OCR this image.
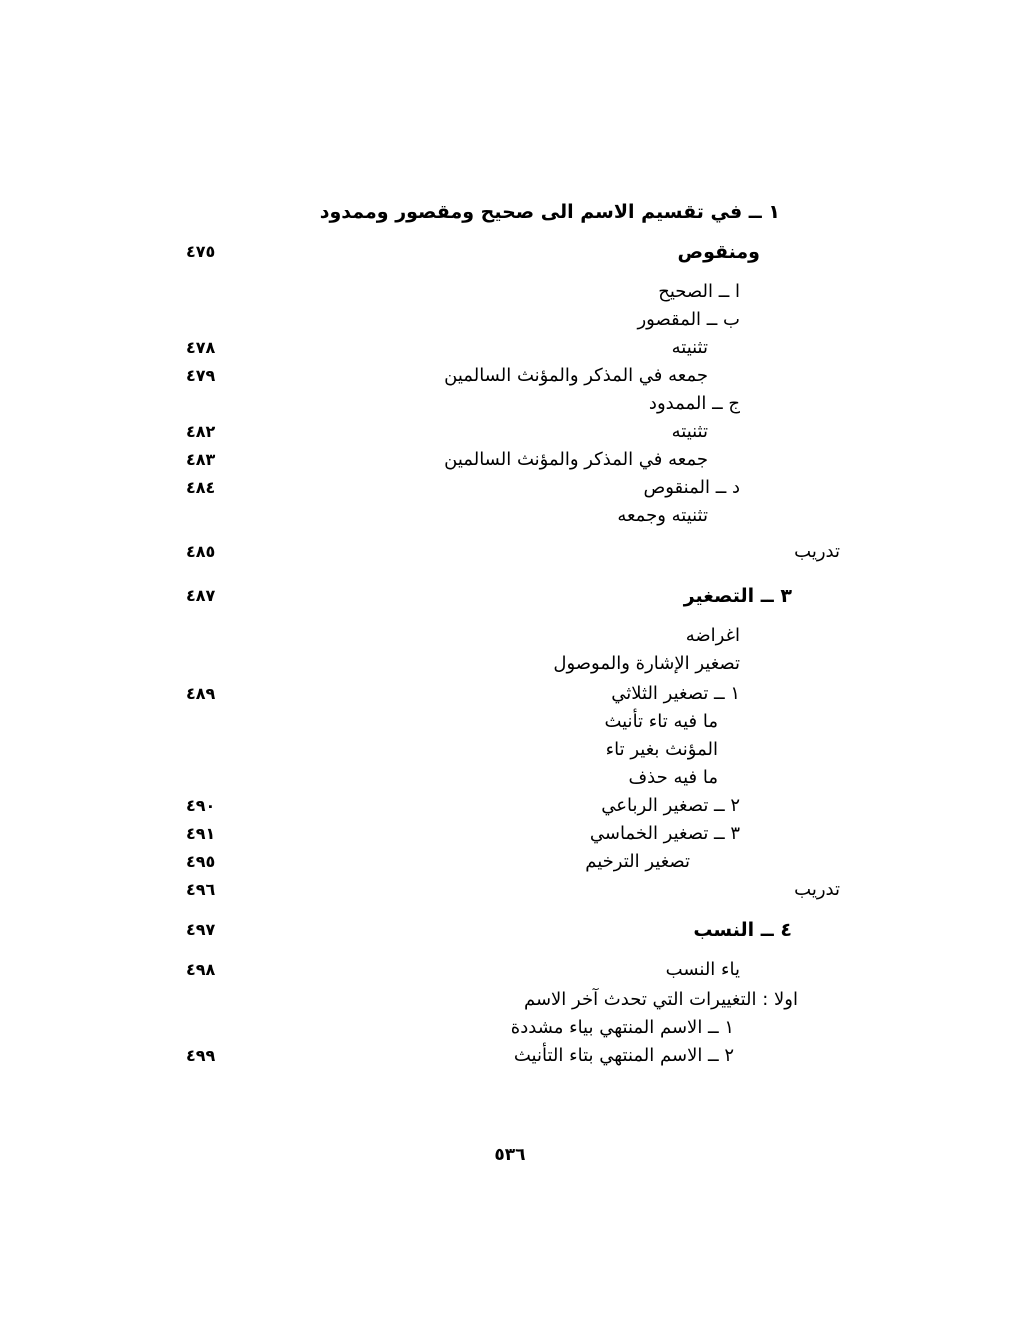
١ ــ في تقسيم الاسم الى صحيح ومقصور وممدود
ومنقوص
٤٧٥
ا ــ الصحيح
ب ــ المقصور
تثنيته
٤٧٨
جمعه في المذكر والمؤنث السالمين
٤٧٩
ج ــ الممدود
تثنيته
٤٨٢
جمعه في المذكر والمؤنث السالمين
٤٨٣
د ــ المنقوص
٤٨٤
تثنيته وجمعه
تدريب
٤٨٥
٣ ــ التصغير
٤٨٧
اغراضه
تصغير الإشارة والموصول
١ ــ تصغير الثلاثي
٤٨٩
ما فيه تاء تأنيث
المؤنث بغير تاء
ما فيه حذف
٢ ــ تصغير الرباعي
٤٩٠
٣ ــ تصغير الخماسي
٤٩١
تصغير الترخيم
٤٩٥
تدريب
٤٩٦
٤ ــ النسب
٤٩٧
ياء النسب
٤٩٨
اولا : التغييرات التي تحدث آخر الاسم
١ ــ الاسم المنتهي بياء مشددة
٢ ــ الاسم المنتهي بتاء التأنيث
٤٩٩
٥٣٦
